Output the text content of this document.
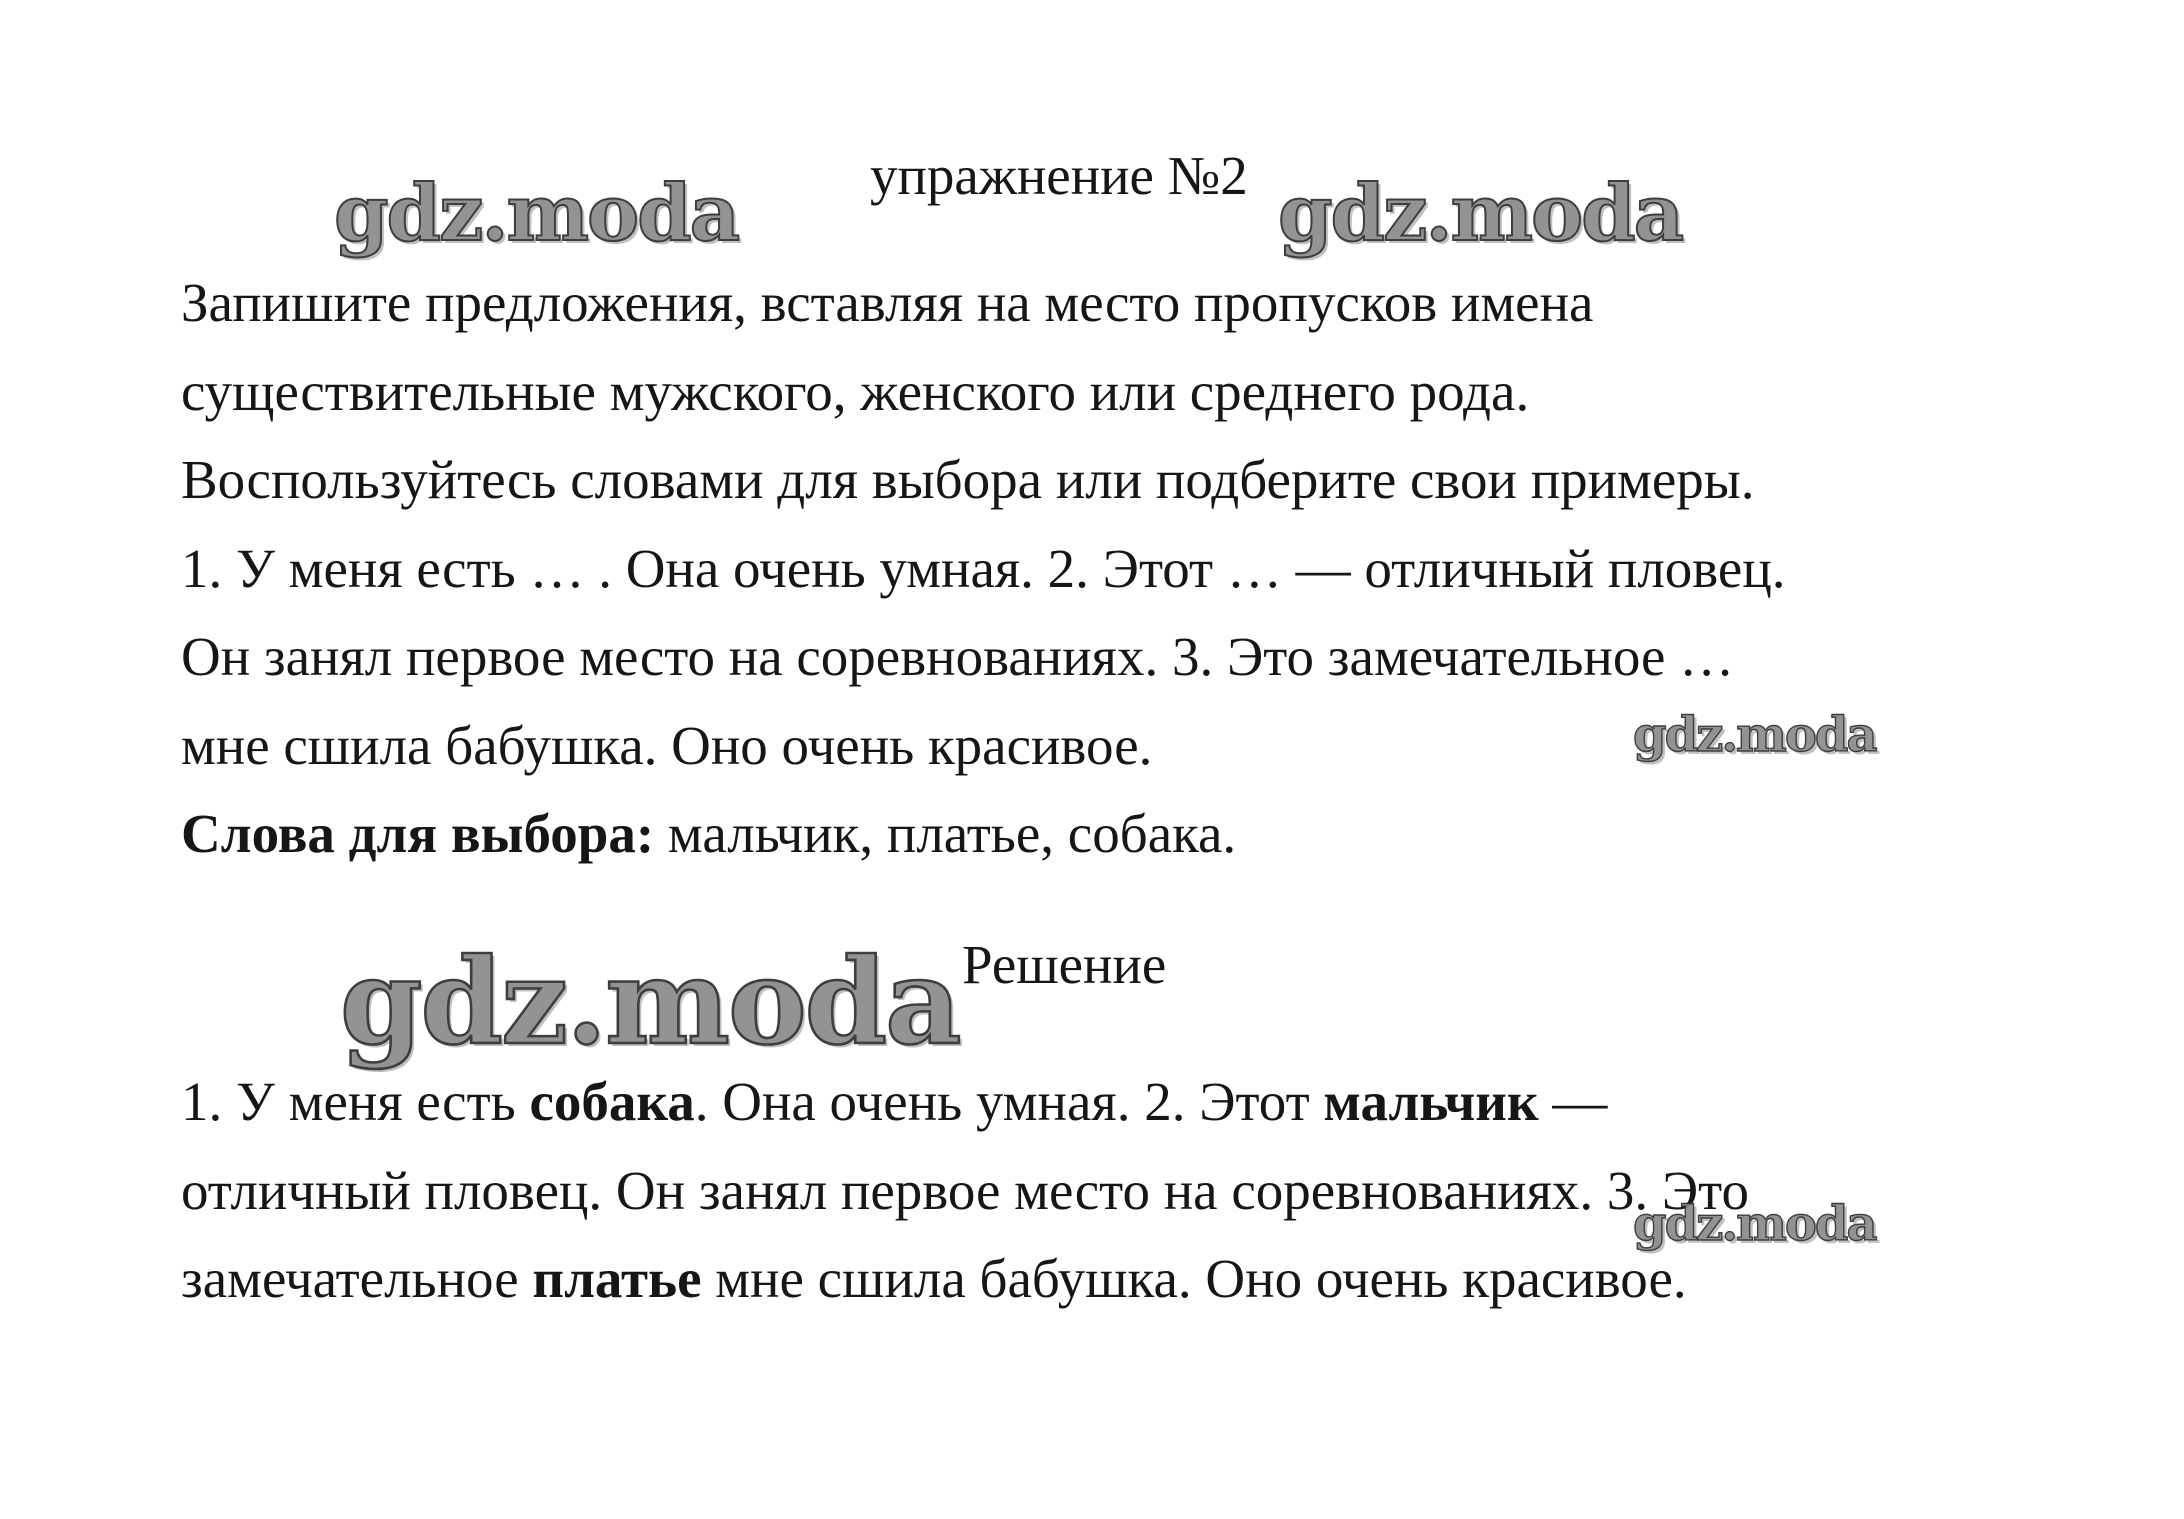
упражнение №2
Запишите предложения, вставляя на место пропусков имена
существительные мужского, женского или среднего рода.
Воспользуйтесь словами для выбора или подберите свои примеры.
1. У меня есть … . Она очень умная. 2. Этот … — отличный пловец.
Он занял первое место на соревнованиях. 3. Это замечательное …
мне сшила бабушка. Оно очень красивое.
Слова для выбора: мальчик, платье, собака.
Решение
1. У меня есть собака. Она очень умная. 2. Этот мальчик —
отличный пловец. Он занял первое место на соревнованиях. 3. Это
замечательное платье мне сшила бабушка. Оно очень красивое.
gdz.moda	gdz.moda
gdz.moda
gdz.moda
gdz.moda
